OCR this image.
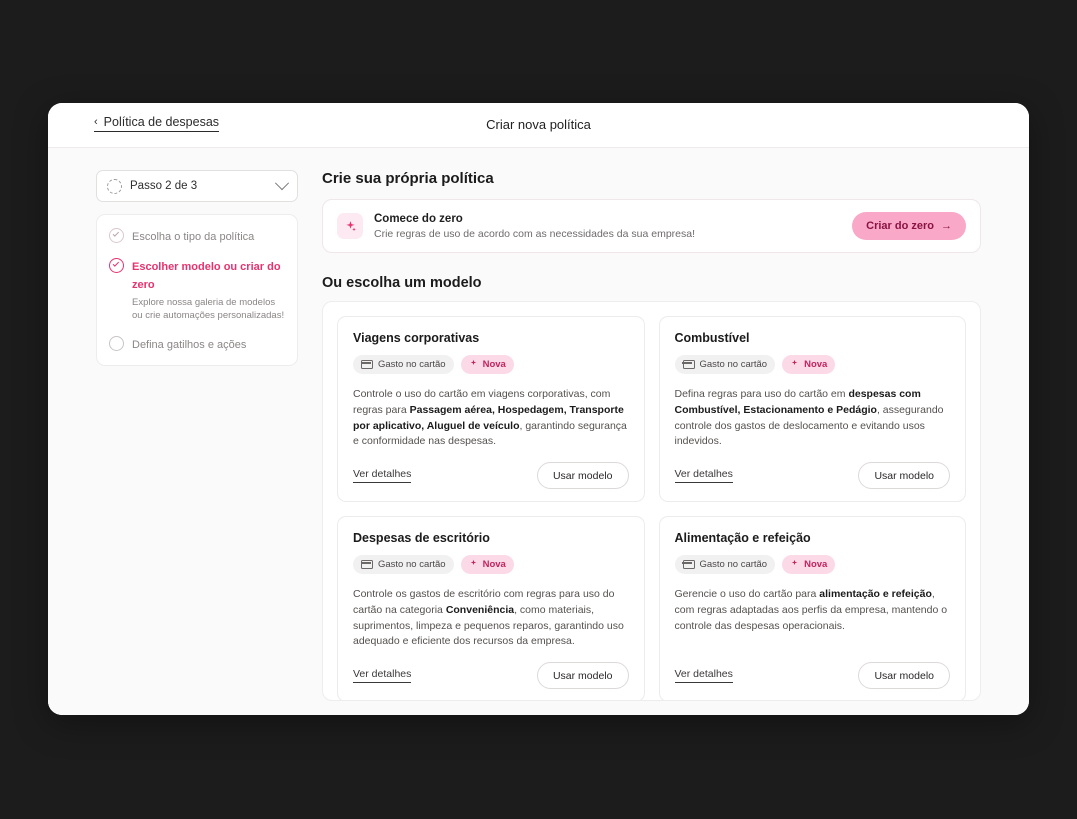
‹ Política de despesas	Criar nova política
Passo 2 de 3
Escolha o tipo da política
Escolher modelo ou criar do zero
Explore nossa galeria de modelos ou crie automações personalizadas!
Defina gatilhos e ações
Crie sua própria política
Comece do zero
Crie regras de uso de acordo com as necessidades da sua empresa!
Criar do zero →
Ou escolha um modelo
Viagens corporativas
Gasto no cartão	Nova
Controle o uso do cartão em viagens corporativas, com regras para Passagem aérea, Hospedagem, Transporte por aplicativo, Aluguel de veículo, garantindo segurança e conformidade nas despesas.
Ver detalhes	Usar modelo
Combustível
Gasto no cartão	Nova
Defina regras para uso do cartão em despesas com Combustível, Estacionamento e Pedágio, assegurando controle dos gastos de deslocamento e evitando usos indevidos.
Ver detalhes	Usar modelo
Despesas de escritório
Gasto no cartão	Nova
Controle os gastos de escritório com regras para uso do cartão na categoria Conveniência, como materiais, suprimentos, limpeza e pequenos reparos, garantindo uso adequado e eficiente dos recursos da empresa.
Ver detalhes	Usar modelo
Alimentação e refeição
Gasto no cartão	Nova
Gerencie o uso do cartão para alimentação e refeição, com regras adaptadas aos perfis da empresa, mantendo o controle das despesas operacionais.
Ver detalhes	Usar modelo
